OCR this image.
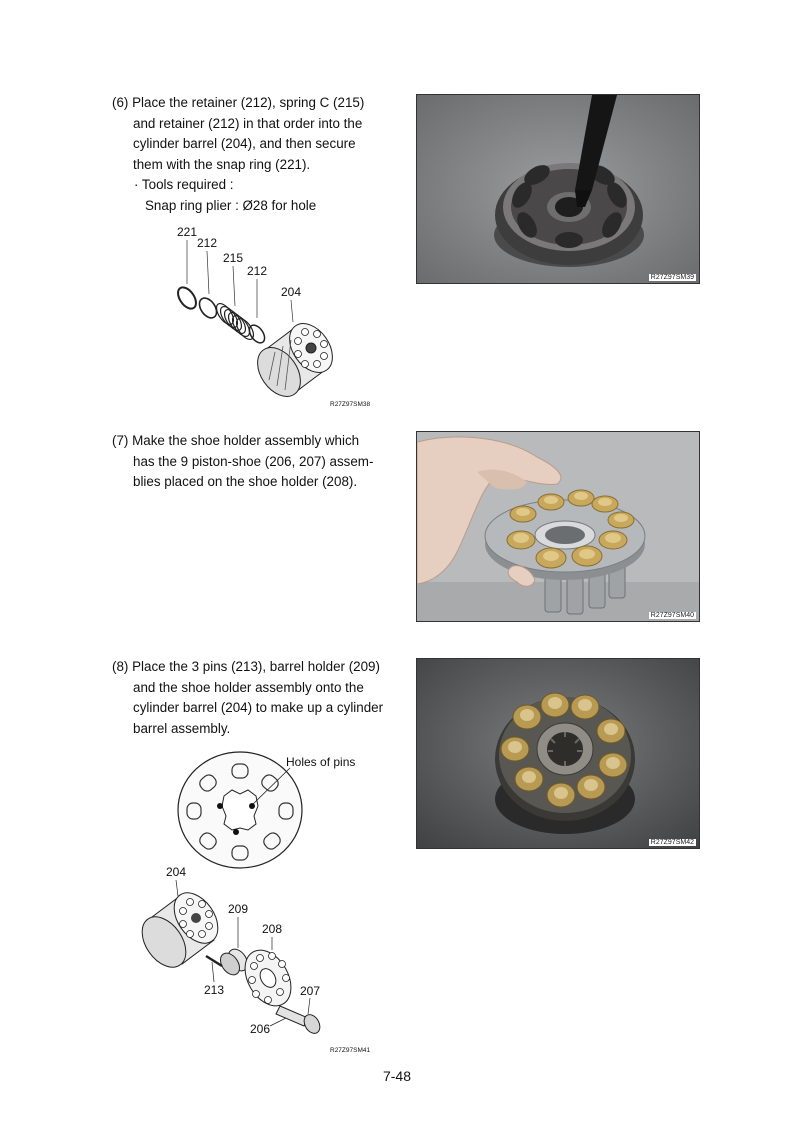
(6) Place the retainer (212), spring C (215)
and retainer (212) in that order into the
cylinder barrel (204), and then secure
them with the snap ring (221).
· Tools required :
Snap ring plier : Ø28 for hole
221
212
215
212
204
R27Z97SM38
R27Z97SM39
(7) Make the shoe holder assembly which
has the 9 piston-shoe (206, 207) assem-
blies placed on the shoe holder (208).
R27Z97SM40
(8) Place the 3 pins (213), barrel holder (209)
and the shoe holder assembly onto the
cylinder barrel (204) to make up a cylinder
barrel assembly.
Holes of pins
204
209
208
213	207
206
R27Z97SM41
R27Z97SM42
7-48
